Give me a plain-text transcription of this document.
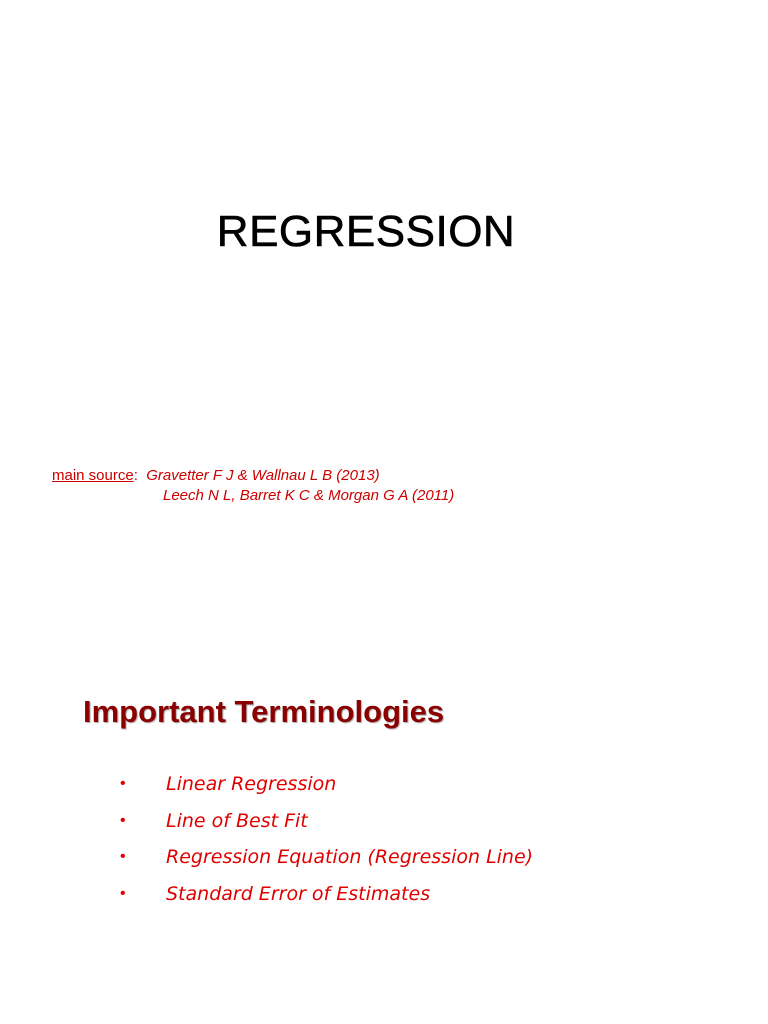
REGRESSION
main source: Gravetter F J & Wallnau L B (2013)
Leech N L, Barret K C & Morgan G A (2011)
Important Terminologies
•	Linear Regression
•	Line of Best Fit
•	Regression Equation (Regression Line)
•	Standard Error of Estimates
